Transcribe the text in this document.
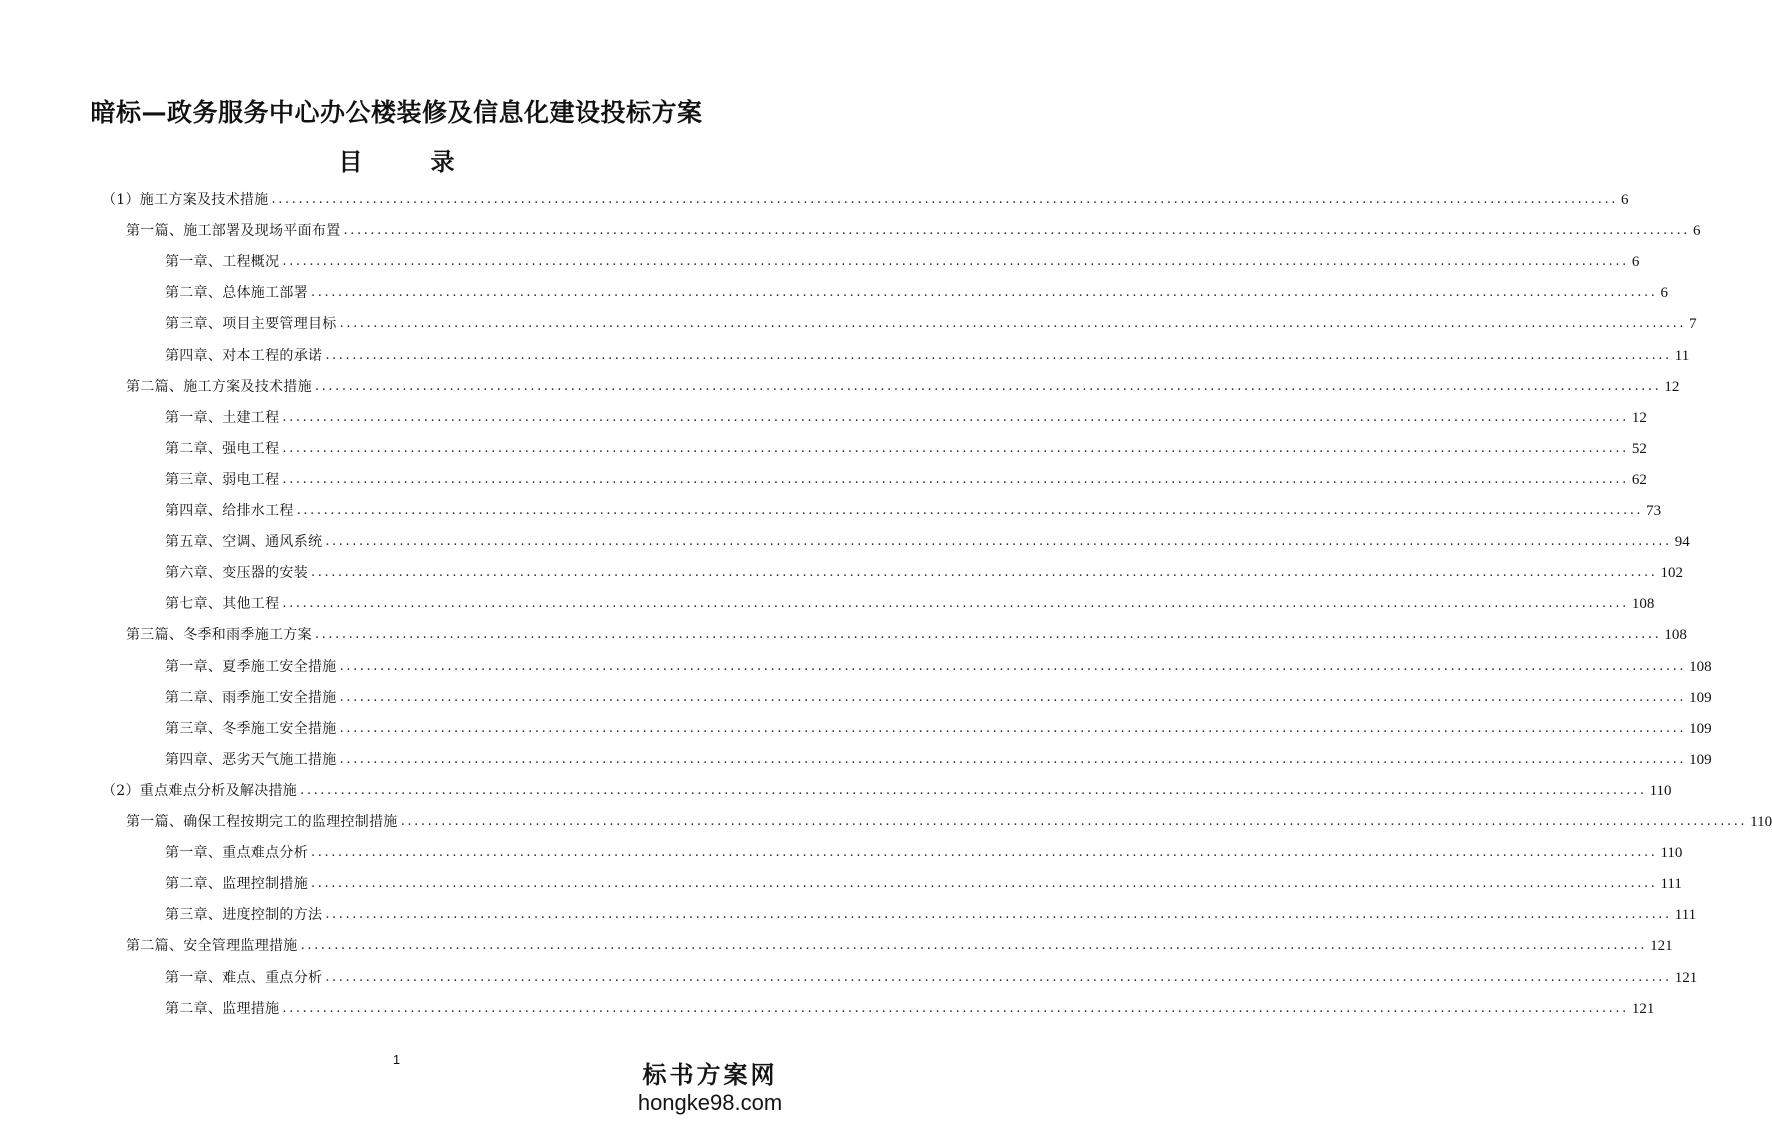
暗标—政务服务中心办公楼装修及信息化建设投标方案
目　录
（1）施工方案及技术措施 ........................................................................................................................................................................................................ 6
第一篇、施工部署及现场平面布置 ........................................................................................................................................................................................................ 6
第一章、工程概况 ........................................................................................................................................................................................................ 6
第二章、总体施工部署 ........................................................................................................................................................................................................ 6
第三章、项目主要管理目标 ........................................................................................................................................................................................................ 7
第四章、对本工程的承诺 ........................................................................................................................................................................................................ 11
第二篇、施工方案及技术措施 ........................................................................................................................................................................................................ 12
第一章、土建工程 ........................................................................................................................................................................................................ 12
第二章、强电工程 ........................................................................................................................................................................................................ 52
第三章、弱电工程 ........................................................................................................................................................................................................ 62
第四章、给排水工程 ........................................................................................................................................................................................................ 73
第五章、空调、通风系统 ........................................................................................................................................................................................................ 94
第六章、变压器的安装 ........................................................................................................................................................................................................ 102
第七章、其他工程 ........................................................................................................................................................................................................ 108
第三篇、冬季和雨季施工方案 ........................................................................................................................................................................................................ 108
第一章、夏季施工安全措施 ........................................................................................................................................................................................................ 108
第二章、雨季施工安全措施 ........................................................................................................................................................................................................ 109
第三章、冬季施工安全措施 ........................................................................................................................................................................................................ 109
第四章、恶劣天气施工措施 ........................................................................................................................................................................................................ 109
（2）重点难点分析及解决措施 ........................................................................................................................................................................................................ 110
第一篇、确保工程按期完工的监理控制措施 ........................................................................................................................................................................................................ 110
第一章、重点难点分析 ........................................................................................................................................................................................................ 110
第二章、监理控制措施 ........................................................................................................................................................................................................ 111
第三章、进度控制的方法 ........................................................................................................................................................................................................ 111
第二篇、安全管理监理措施 ........................................................................................................................................................................................................ 121
第一章、难点、重点分析 ........................................................................................................................................................................................................ 121
第二章、监理措施 ........................................................................................................................................................................................................ 121
1
标书方案网
hongke98.com
